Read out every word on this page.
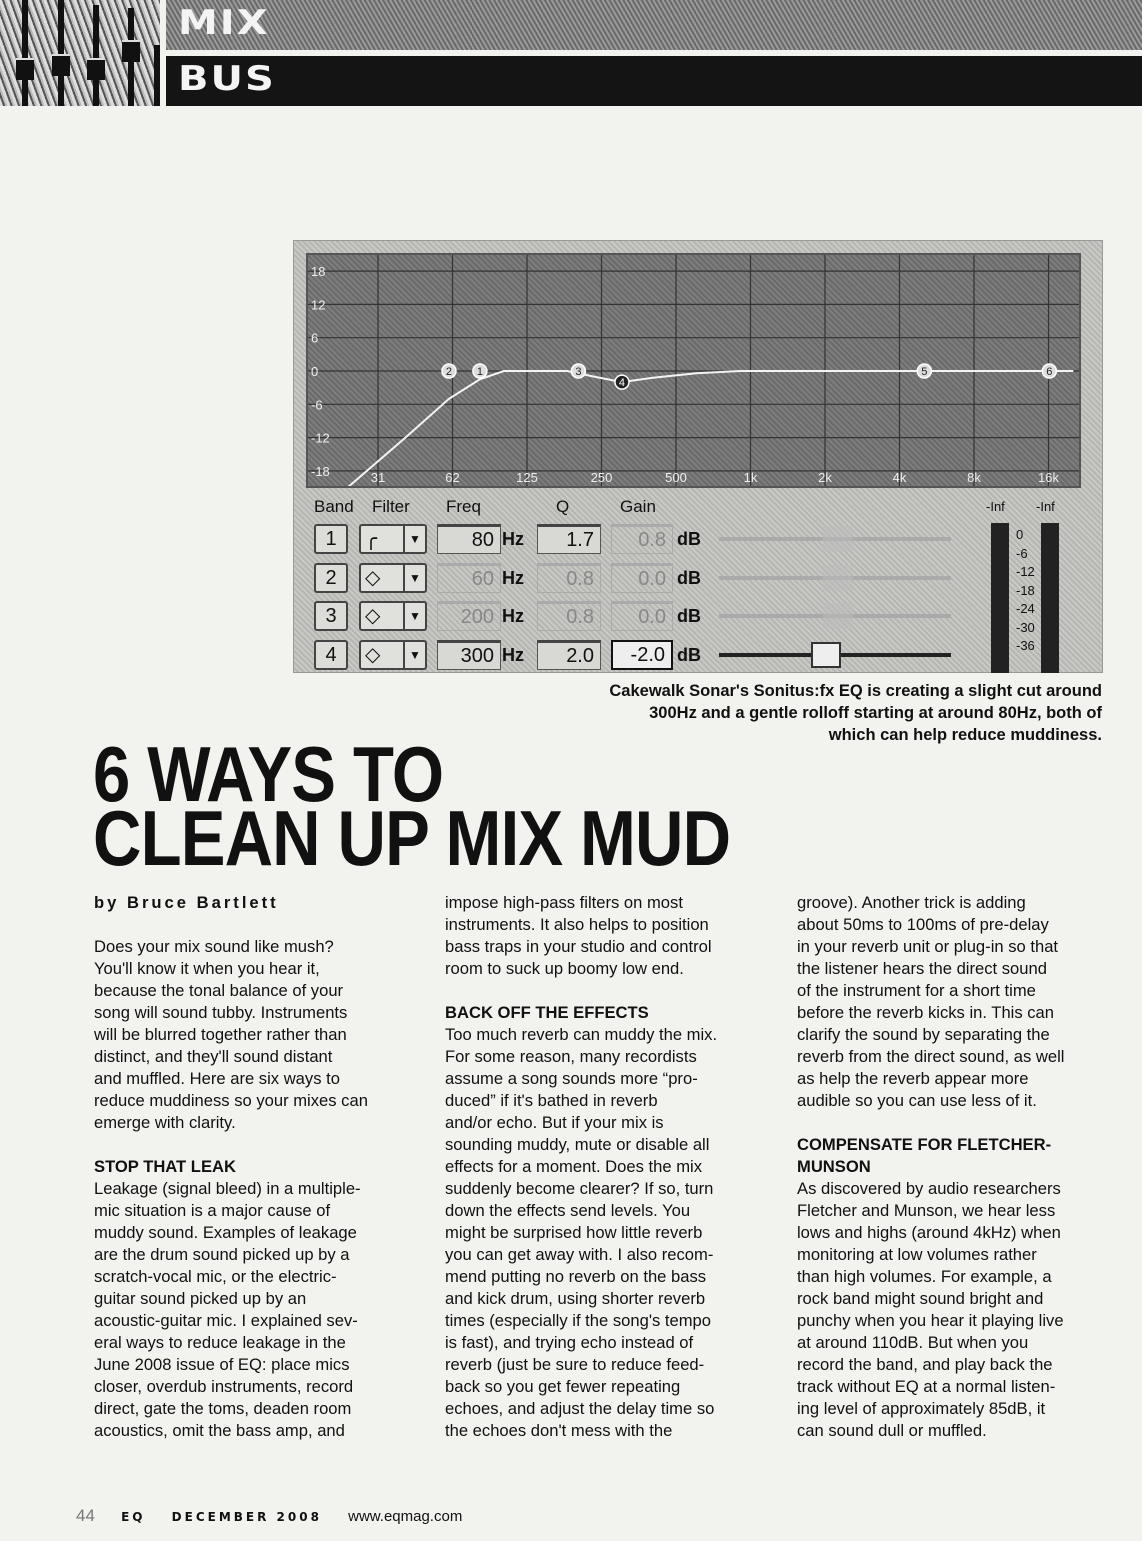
MIX
BUS
18
12
6
0
-6
-12
-18	31	62	125	250	500	1k	2k	4k	8k	16k
2 1	3
4
5	6
Band Filter Freq	Q	Gain
1	╭	▼	80 Hz	1.7	0.8 dB
2	◇	▼	60 Hz	0.8	0.0 dB
3	◇	▼	200 Hz	0.8	0.0 dB
4	◇	▼	300 Hz	2.0	-2.0 dB
-Inf -Inf
0
-6
-12
-18
-24
-30
-36
Cakewalk Sonar's Sonitus:fx EQ is creating a slight cut around
300Hz and a gentle rolloff starting at around 80Hz, both of
which can help reduce muddiness.
6 WAYS TO
CLEAN UP MIX MUD
by Bruce Bartlett
Does your mix sound like mush?
You'll know it when you hear it,
because the tonal balance of your
song will sound tubby. Instruments
will be blurred together rather than
distinct, and they'll sound distant
and muffled. Here are six ways to
reduce muddiness so your mixes can
emerge with clarity.
STOP THAT LEAK
Leakage (signal bleed) in a multiple-
mic situation is a major cause of
muddy sound. Examples of leakage
are the drum sound picked up by a
scratch-vocal mic, or the electric-
guitar sound picked up by an
acoustic-guitar mic. I explained sev-
eral ways to reduce leakage in the
June 2008 issue of EQ: place mics
closer, overdub instruments, record
direct, gate the toms, deaden room
acoustics, omit the bass amp, and
impose high-pass filters on most
instruments. It also helps to position
bass traps in your studio and control
room to suck up boomy low end.
BACK OFF THE EFFECTS
Too much reverb can muddy the mix.
For some reason, many recordists
assume a song sounds more “pro-
duced” if it's bathed in reverb
and/or echo. But if your mix is
sounding muddy, mute or disable all
effects for a moment. Does the mix
suddenly become clearer? If so, turn
down the effects send levels. You
might be surprised how little reverb
you can get away with. I also recom-
mend putting no reverb on the bass
and kick drum, using shorter reverb
times (especially if the song's tempo
is fast), and trying echo instead of
reverb (just be sure to reduce feed-
back so you get fewer repeating
echoes, and adjust the delay time so
the echoes don't mess with the
groove). Another trick is adding
about 50ms to 100ms of pre-delay
in your reverb unit or plug-in so that
the listener hears the direct sound
of the instrument for a short time
before the reverb kicks in. This can
clarify the sound by separating the
reverb from the direct sound, as well
as help the reverb appear more
audible so you can use less of it.
COMPENSATE FOR FLETCHER-
MUNSON
As discovered by audio researchers
Fletcher and Munson, we hear less
lows and highs (around 4kHz) when
monitoring at low volumes rather
than high volumes. For example, a
rock band might sound bright and
punchy when you hear it playing live
at around 110dB. But when you
record the band, and play back the
track without EQ at a normal listen-
ing level of approximately 85dB, it
can sound dull or muffled.
44 EQ DECEMBER 2008 www.eqmag.com
